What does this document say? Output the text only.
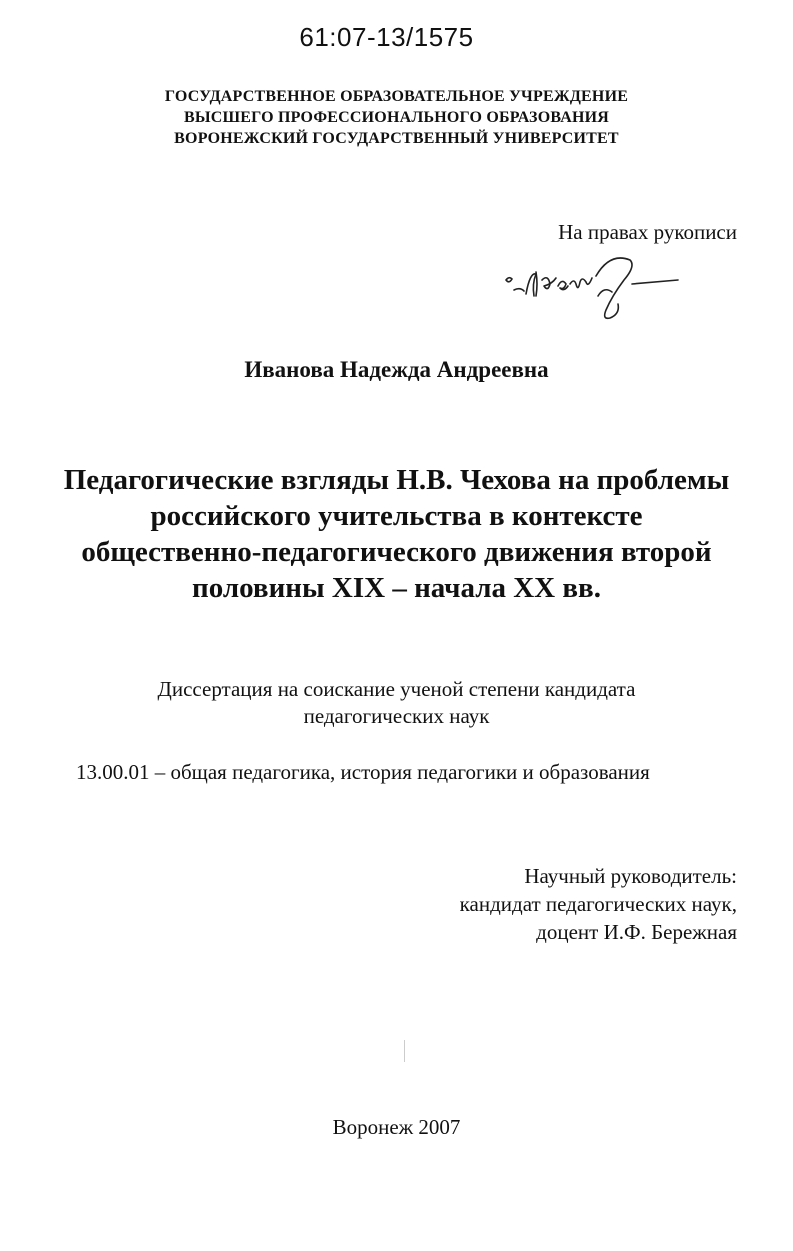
61:07-13/1575
ГОСУДАРСТВЕННОЕ ОБРАЗОВАТЕЛЬНОЕ УЧРЕЖДЕНИЕ
ВЫСШЕГО ПРОФЕССИОНАЛЬНОГО ОБРАЗОВАНИЯ
ВОРОНЕЖСКИЙ ГОСУДАРСТВЕННЫЙ УНИВЕРСИТЕТ
На правах рукописи
Иванова Надежда Андреевна
Педагогические взгляды Н.В. Чехова на проблемы
российского учительства в контексте
общественно-педагогического движения второй
половины XIX – начала XX вв.
Диссертация на соискание ученой степени кандидата
педагогических наук
13.00.01 – общая педагогика, история педагогики и образования
Научный руководитель:
кандидат педагогических наук,
доцент И.Ф. Бережная
Воронеж 2007
